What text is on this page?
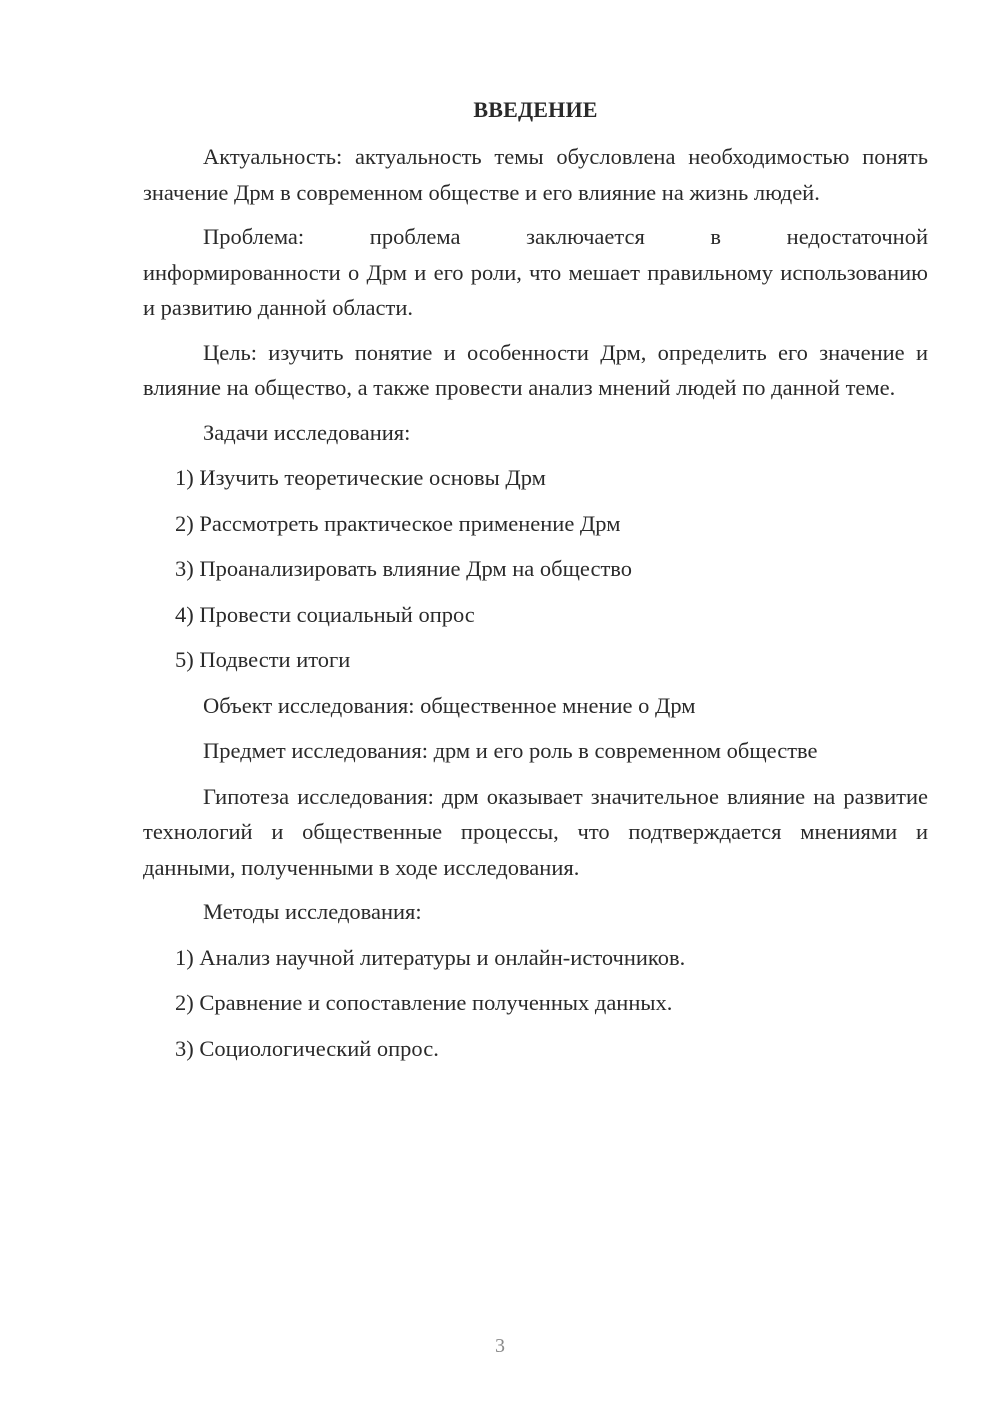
ВВЕДЕНИЕ

Актуальность: актуальность темы обусловлена необходимостью понять значение Дрм в современном обществе и его влияние на жизнь людей.

Проблема: проблема заключается в недостаточной

информированности о Дрм и его роли, что мешает правильному использованию и развитию данной области.

Цель: изучить понятие и особенности Дрм, определить его значение и влияние на общество, а также провести анализ мнений людей по данной теме.

Задачи исследования:

1) Изучить теоретические основы Дрм

2) Рассмотреть практическое применение Дрм

3) Проанализировать влияние Дрм на общество

4) Провести социальный опрос

5) Подвести итоги

Объект исследования: общественное мнение о Дрм

Предмет исследования: дрм и его роль в современном обществе

Гипотеза исследования: дрм оказывает значительное влияние на развитие технологий и общественные процессы, что подтверждается мнениями и данными, полученными в ходе исследования.

Методы исследования:

1) Анализ научной литературы и онлайн-источников.

2) Сравнение и сопоставление полученных данных.

3) Социологический опрос.

3
